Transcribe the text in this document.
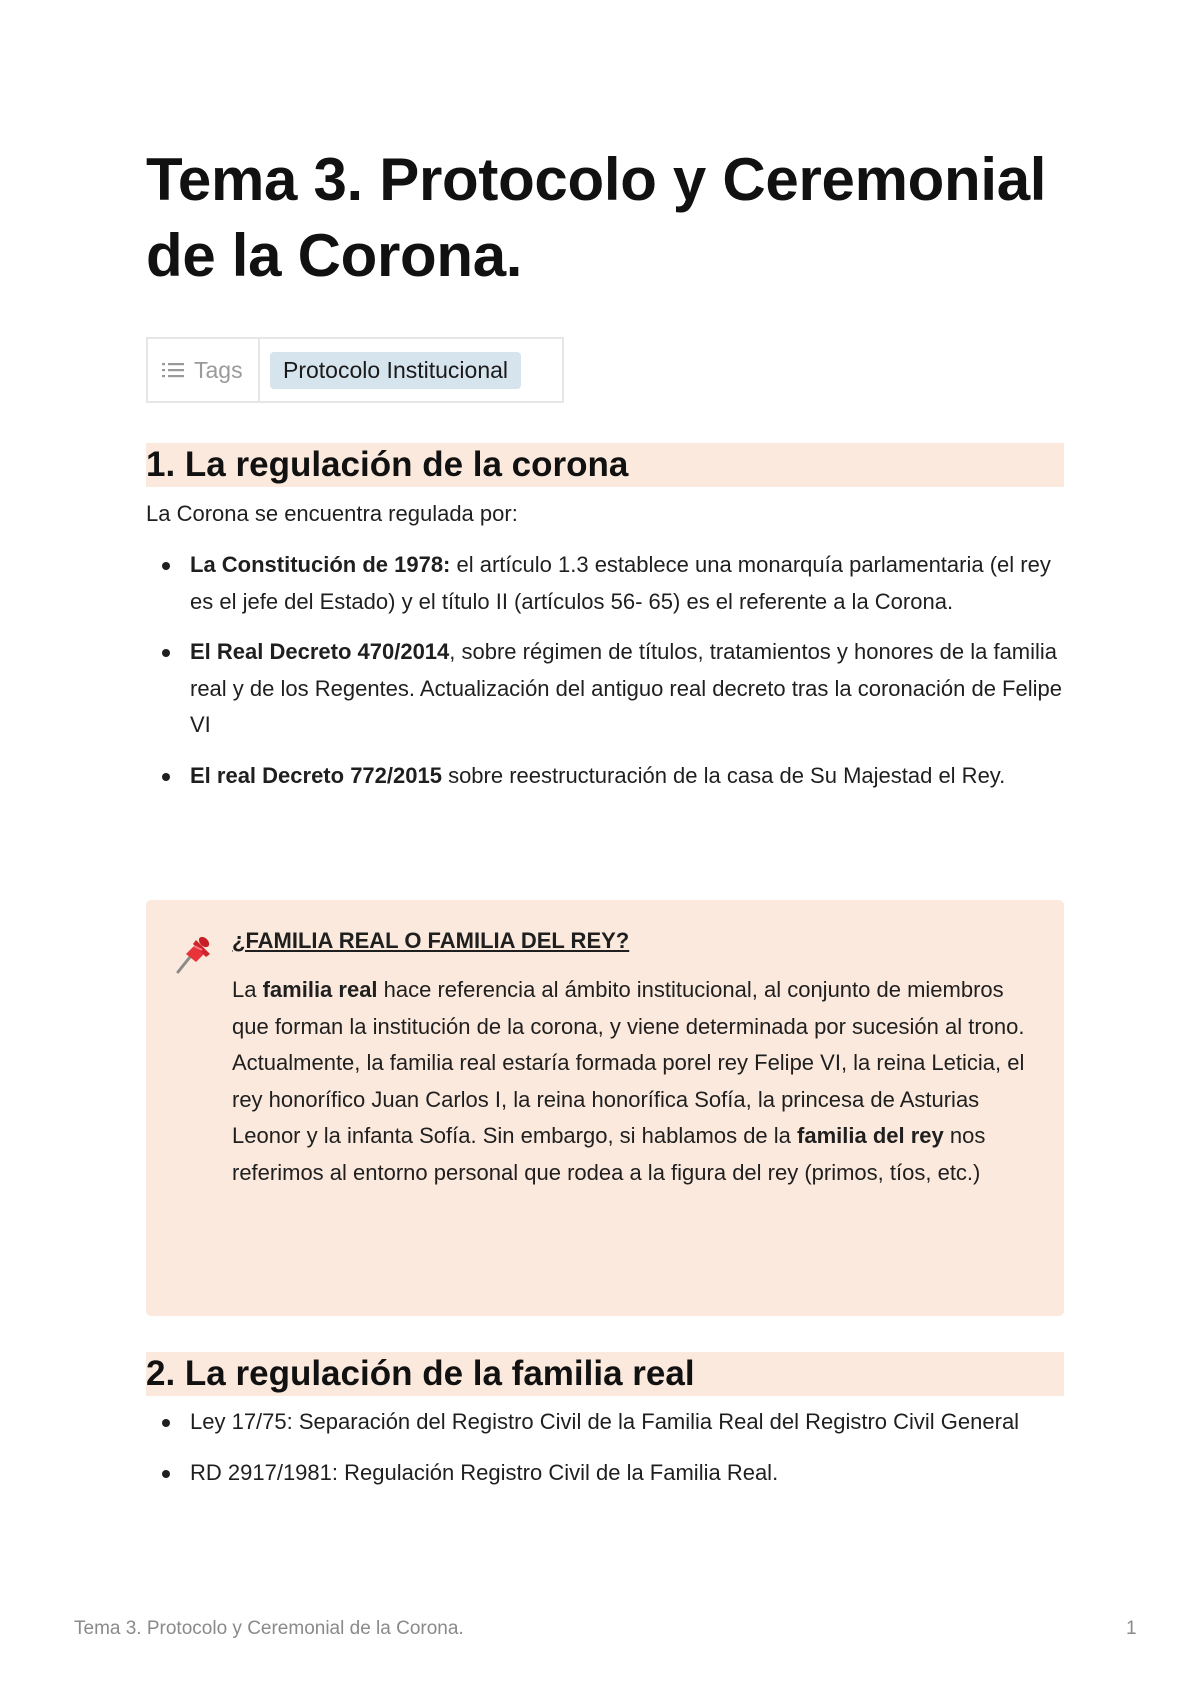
Tema 3. Protocolo y Ceremonial de la Corona.
Tags	Protocolo Institucional
1. La regulación de la corona

La Corona se encuentra regulada por:

La Constitución de 1978: el artículo 1.3 establece una monarquía parlamentaria (el rey es el jefe del Estado) y el título II (artículos 56- 65) es el referente a la Corona.
El Real Decreto 470/2014, sobre régimen de títulos, tratamientos y honores de la familia real y de los Regentes. Actualización del antiguo real decreto tras la coronación de Felipe VI
El real Decreto 772/2015 sobre reestructuración de la casa de Su Majestad el Rey.
¿FAMILIA REAL O FAMILIA DEL REY?
La familia real hace referencia al ámbito institucional, al conjunto de miembros que forman la institución de la corona, y viene determinada por sucesión al trono. Actualmente, la familia real estaría formada porel rey Felipe VI, la reina Leticia, el rey honorífico Juan Carlos I, la reina honorífica Sofía, la princesa de Asturias Leonor y la infanta Sofía. Sin embargo, si hablamos de la familia del rey nos referimos al entorno personal que rodea a la figura del rey (primos, tíos, etc.)
2. La regulación de la familia real
Ley 17/75: Separación del Registro Civil de la Familia Real del Registro Civil General
RD 2917/1981: Regulación Registro Civil de la Familia Real.
Tema 3. Protocolo y Ceremonial de la Corona.	1
